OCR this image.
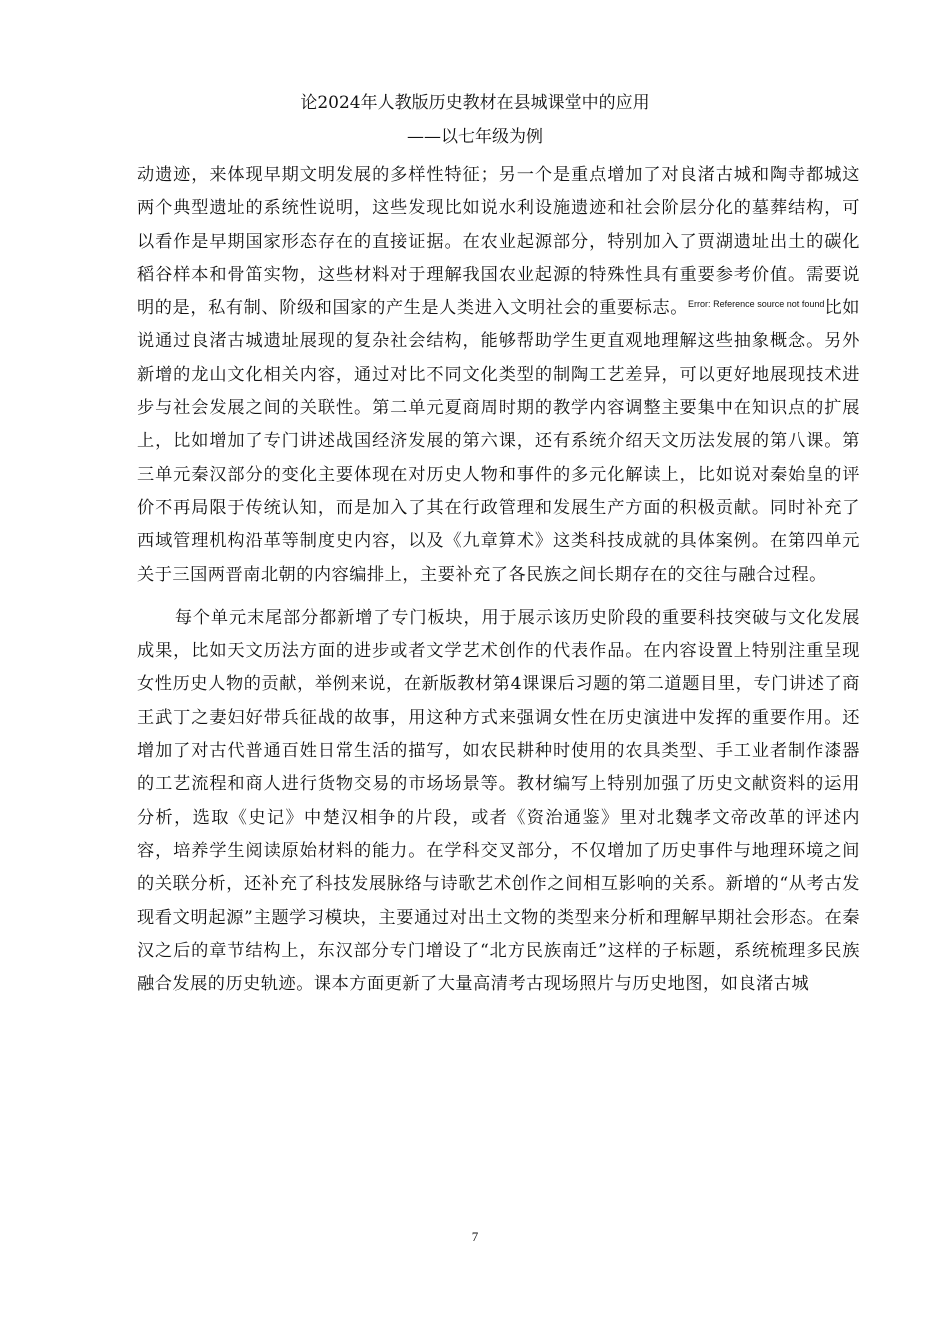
论2024年人教版历史教材在县城课堂中的应用
——以七年级为例

动遗迹，来体现早期文明发展的多样性特征；另一个是重点增加了对良渚古城和陶寺都城这两个典型遗址的系统性说明，这些发现比如说水利设施遗迹和社会阶层分化的墓葬结构，可以看作是早期国家形态存在的直接证据。在农业起源部分，特别加入了贾湖遗址出土的碳化稻谷样本和骨笛实物，这些材料对于理解我国农业起源的特殊性具有重要参考价值。需要说明的是，私有制、阶级和国家的产生是人类进入文明社会的重要标志。$^{Error: Reference source not found}$比如说通过良渚古城遗址展现的复杂社会结构，能够帮助学生更直观地理解这些抽象概念。另外新增的龙山文化相关内容，通过对比不同文化类型的制陶工艺差异，可以更好地展现技术进步与社会发展之间的关联性。第二单元夏商周时期的教学内容调整主要集中在知识点的扩展上，比如增加了专门讲述战国经济发展的第六课，还有系统介绍天文历法发展的第八课。第三单元秦汉部分的变化主要体现在对历史人物和事件的多元化解读上，比如说对秦始皇的评价不再局限于传统认知，而是加入了其在行政管理和发展生产方面的积极贡献。同时补充了西域管理机构沿革等制度史内容，以及《九章算术》这类科技成就的具体案例。在第四单元关于三国两晋南北朝的内容编排上，主要补充了各民族之间长期存在的交往与融合过程。

每个单元末尾部分都新增了专门板块，用于展示该历史阶段的重要科技突破与文化发展成果，比如天文历法方面的进步或者文学艺术创作的代表作品。在内容设置上特别注重呈现女性历史人物的贡献，举例来说，在新版教材第4课课后习题的第二道题目里，专门讲述了商王武丁之妻妇好带兵征战的故事，用这种方式来强调女性在历史演进中发挥的重要作用。还增加了对古代普通百姓日常生活的描写，如农民耕种时使用的农具类型、手工业者制作漆器的工艺流程和商人进行货物交易的市场场景等。教材编写上特别加强了历史文献资料的运用分析，选取《史记》中楚汉相争的片段，或者《资治通鉴》里对北魏孝文帝改革的评述内容，培养学生阅读原始材料的能力。在学科交叉部分，不仅增加了历史事件与地理环境之间的关联分析，还补充了科技发展脉络与诗歌艺术创作之间相互影响的关系。新增的“从考古发现看文明起源”主题学习模块，主要通过对出土文物的类型来分析和理解早期社会形态。在秦汉之后的章节结构上，东汉部分专门增设了“北方民族南迁”这样的子标题，系统梳理多民族融合发展的历史轨迹。课本方面更新了大量高清考古现场照片与历史地图，如良渚古城

7
